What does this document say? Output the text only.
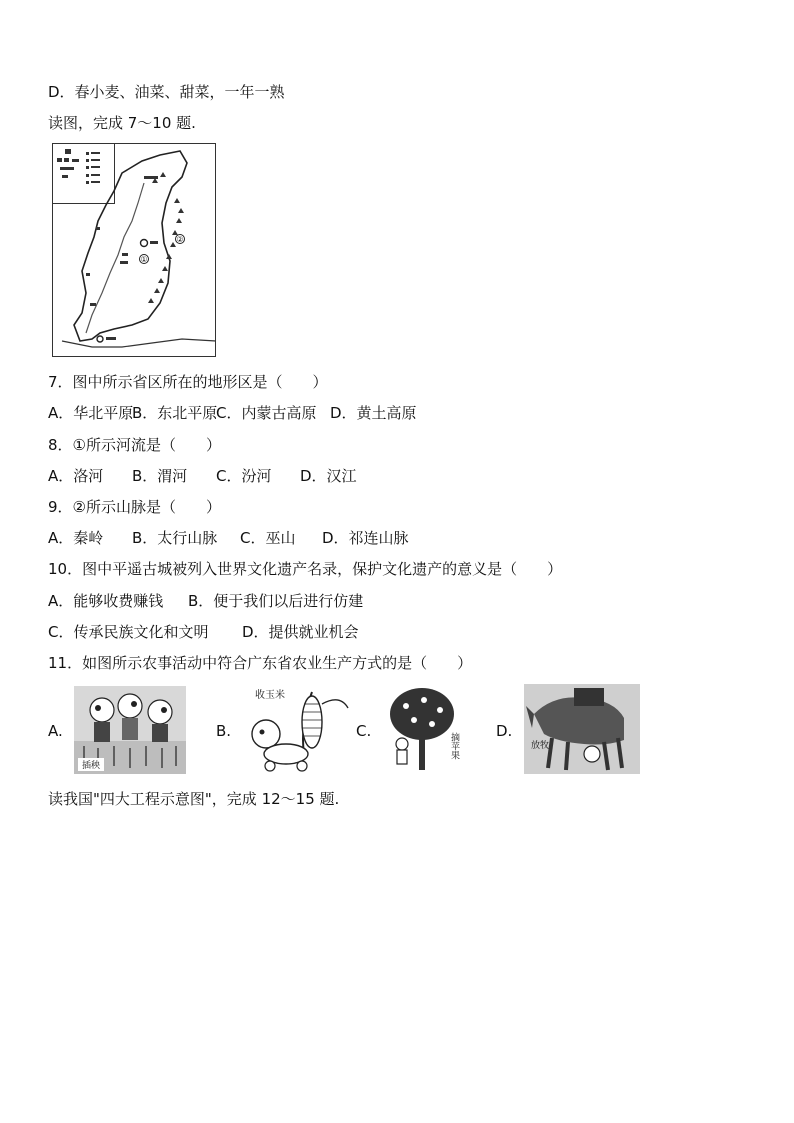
D．春小麦、油菜、甜菜，一年一熟
读图，完成 7～10 题.
①
②
7．图中所示省区所在的地形区是（　　）
A．华北平原B．东北平原C．内蒙古高原 D．黄土高原
8．①所示河流是（　　）
A．洛河 B．渭河 C．汾河 D．汉江
9．②所示山脉是（　　）
A．秦岭 B．太行山脉 C．巫山 D．祁连山脉
10．图中平遥古城被列入世界文化遗产名录，保护文化遗产的意义是（　　）
A．能够收费赚钱 B．便于我们以后进行仿建
C．传承民族文化和文明 D．提供就业机会
11．如图所示农事活动中符合广东省农业生产方式的是（　　）
A.
插秧
B.
收玉米
C.
摘苹果
D.
放牧
读我国"四大工程示意图"，完成 12～15 题.
